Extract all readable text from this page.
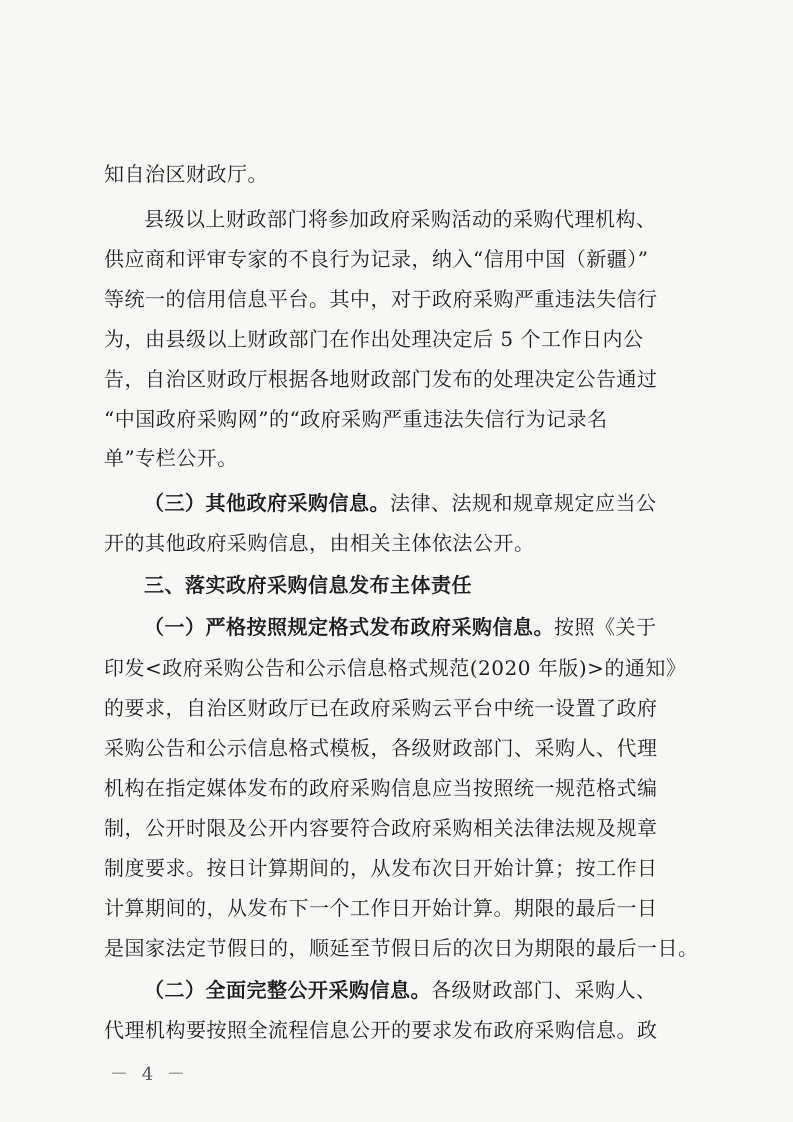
知自治区财政厅。
县级以上财政部门将参加政府采购活动的采购代理机构、
供应商和评审专家的不良行为记录，纳入“信用中国（新疆）”
等统一的信用信息平台。其中，对于政府采购严重违法失信行
为，由县级以上财政部门在作出处理决定后 5 个工作日内公
告，自治区财政厅根据各地财政部门发布的处理决定公告通过
“中国政府采购网”的“政府采购严重违法失信行为记录名
单”专栏公开。
（三）其他政府采购信息。法律、法规和规章规定应当公
开的其他政府采购信息，由相关主体依法公开。
三、落实政府采购信息发布主体责任
（一）严格按照规定格式发布政府采购信息。按照《关于
印发<政府采购公告和公示信息格式规范(2020 年版)>的通知》
的要求，自治区财政厅已在政府采购云平台中统一设置了政府
采购公告和公示信息格式模板，各级财政部门、采购人、代理
机构在指定媒体发布的政府采购信息应当按照统一规范格式编
制，公开时限及公开内容要符合政府采购相关法律法规及规章
制度要求。按日计算期间的，从发布次日开始计算；按工作日
计算期间的，从发布下一个工作日开始计算。期限的最后一日
是国家法定节假日的，顺延至节假日后的次日为期限的最后一日。
（二）全面完整公开采购信息。各级财政部门、采购人、
代理机构要按照全流程信息公开的要求发布政府采购信息。政
－ 4 －
